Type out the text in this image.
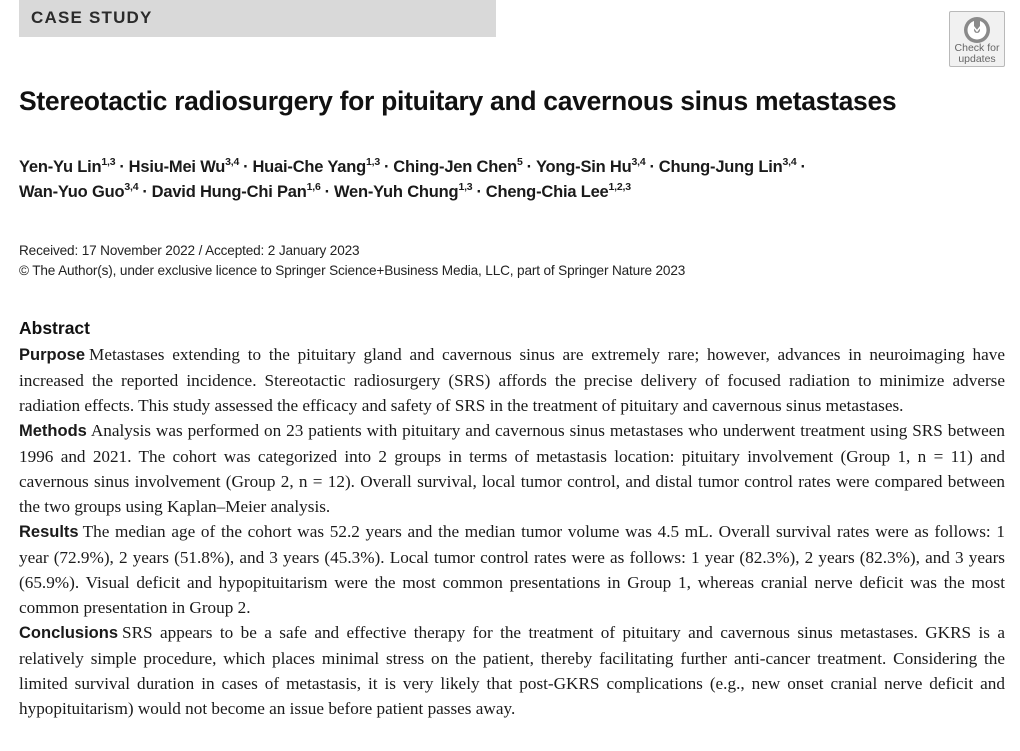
CASE STUDY
Check for
updates
Stereotactic radiosurgery for pituitary and cavernous sinus metastases
Yen-Yu Lin$^{1,3}$ · Hsiu-Mei Wu$^{3,4}$ · Huai-Che Yang$^{1,3}$ · Ching-Jen Chen$^5$ · Yong-Sin Hu$^{3,4}$ · Chung-Jung Lin$^{3,4}$ ·
Wan-Yuo Guo$^{3,4}$ · David Hung-Chi Pan$^{1,6}$ · Wen-Yuh Chung$^{1,3}$ · Cheng-Chia Lee$^{1,2,3}$
Received: 17 November 2022 / Accepted: 2 January 2023
© The Author(s), under exclusive licence to Springer Science+Business Media, LLC, part of Springer Nature 2023
Abstract

Purpose Metastases extending to the pituitary gland and cavernous sinus are extremely rare; however, advances in neuroimaging have increased the reported incidence. Stereotactic radiosurgery (SRS) affords the precise delivery of focused radiation to minimize adverse radiation effects. This study assessed the efficacy and safety of SRS in the treatment of pituitary and cavernous sinus metastases.

Methods Analysis was performed on 23 patients with pituitary and cavernous sinus metastases who underwent treatment using SRS between 1996 and 2021. The cohort was categorized into 2 groups in terms of metastasis location: pituitary involvement (Group 1, n = 11) and cavernous sinus involvement (Group 2, n = 12). Overall survival, local tumor control, and distal tumor control rates were compared between the two groups using Kaplan–Meier analysis.

Results The median age of the cohort was 52.2 years and the median tumor volume was 4.5 mL. Overall survival rates were as follows: 1 year (72.9%), 2 years (51.8%), and 3 years (45.3%). Local tumor control rates were as follows: 1 year (82.3%), 2 years (82.3%), and 3 years (65.9%). Visual deficit and hypopituitarism were the most common presentations in Group 1, whereas cranial nerve deficit was the most common presentation in Group 2.

Conclusions SRS appears to be a safe and effective therapy for the treatment of pituitary and cavernous sinus metastases. GKRS is a relatively simple procedure, which places minimal stress on the patient, thereby facilitating further anti-cancer treatment. Considering the limited survival duration in cases of metastasis, it is very likely that post-GKRS complications (e.g., new onset cranial nerve deficit and hypopituitarism) would not become an issue before patient passes away.
